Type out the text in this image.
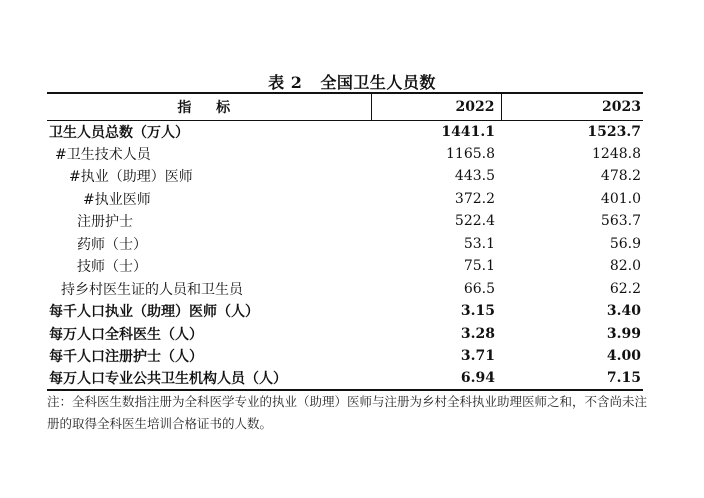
表 2 全国卫生人员数
指 标	2022	2023
卫生人员总数（万人）	1441.1	1523.7
#卫生技术人员	1165.8	1248.8
#执业（助理）医师	443.5	478.2
#执业医师	372.2	401.0
注册护士	522.4	563.7
药师（士）	53.1	56.9
技师（士）	75.1	82.0
持乡村医生证的人员和卫生员	66.5	62.2
每千人口执业（助理）医师（人）	3.15	3.40
每万人口全科医生（人）	3.28	3.99
每千人口注册护士（人）	3.71	4.00
每万人口专业公共卫生机构人员（人）	6.94	7.15
注：全科医生数指注册为全科医学专业的执业（助理）医师与注册为乡村全科执业助理医师之和，不含尚未注册的取得全科医生培训合格证书的人数。
